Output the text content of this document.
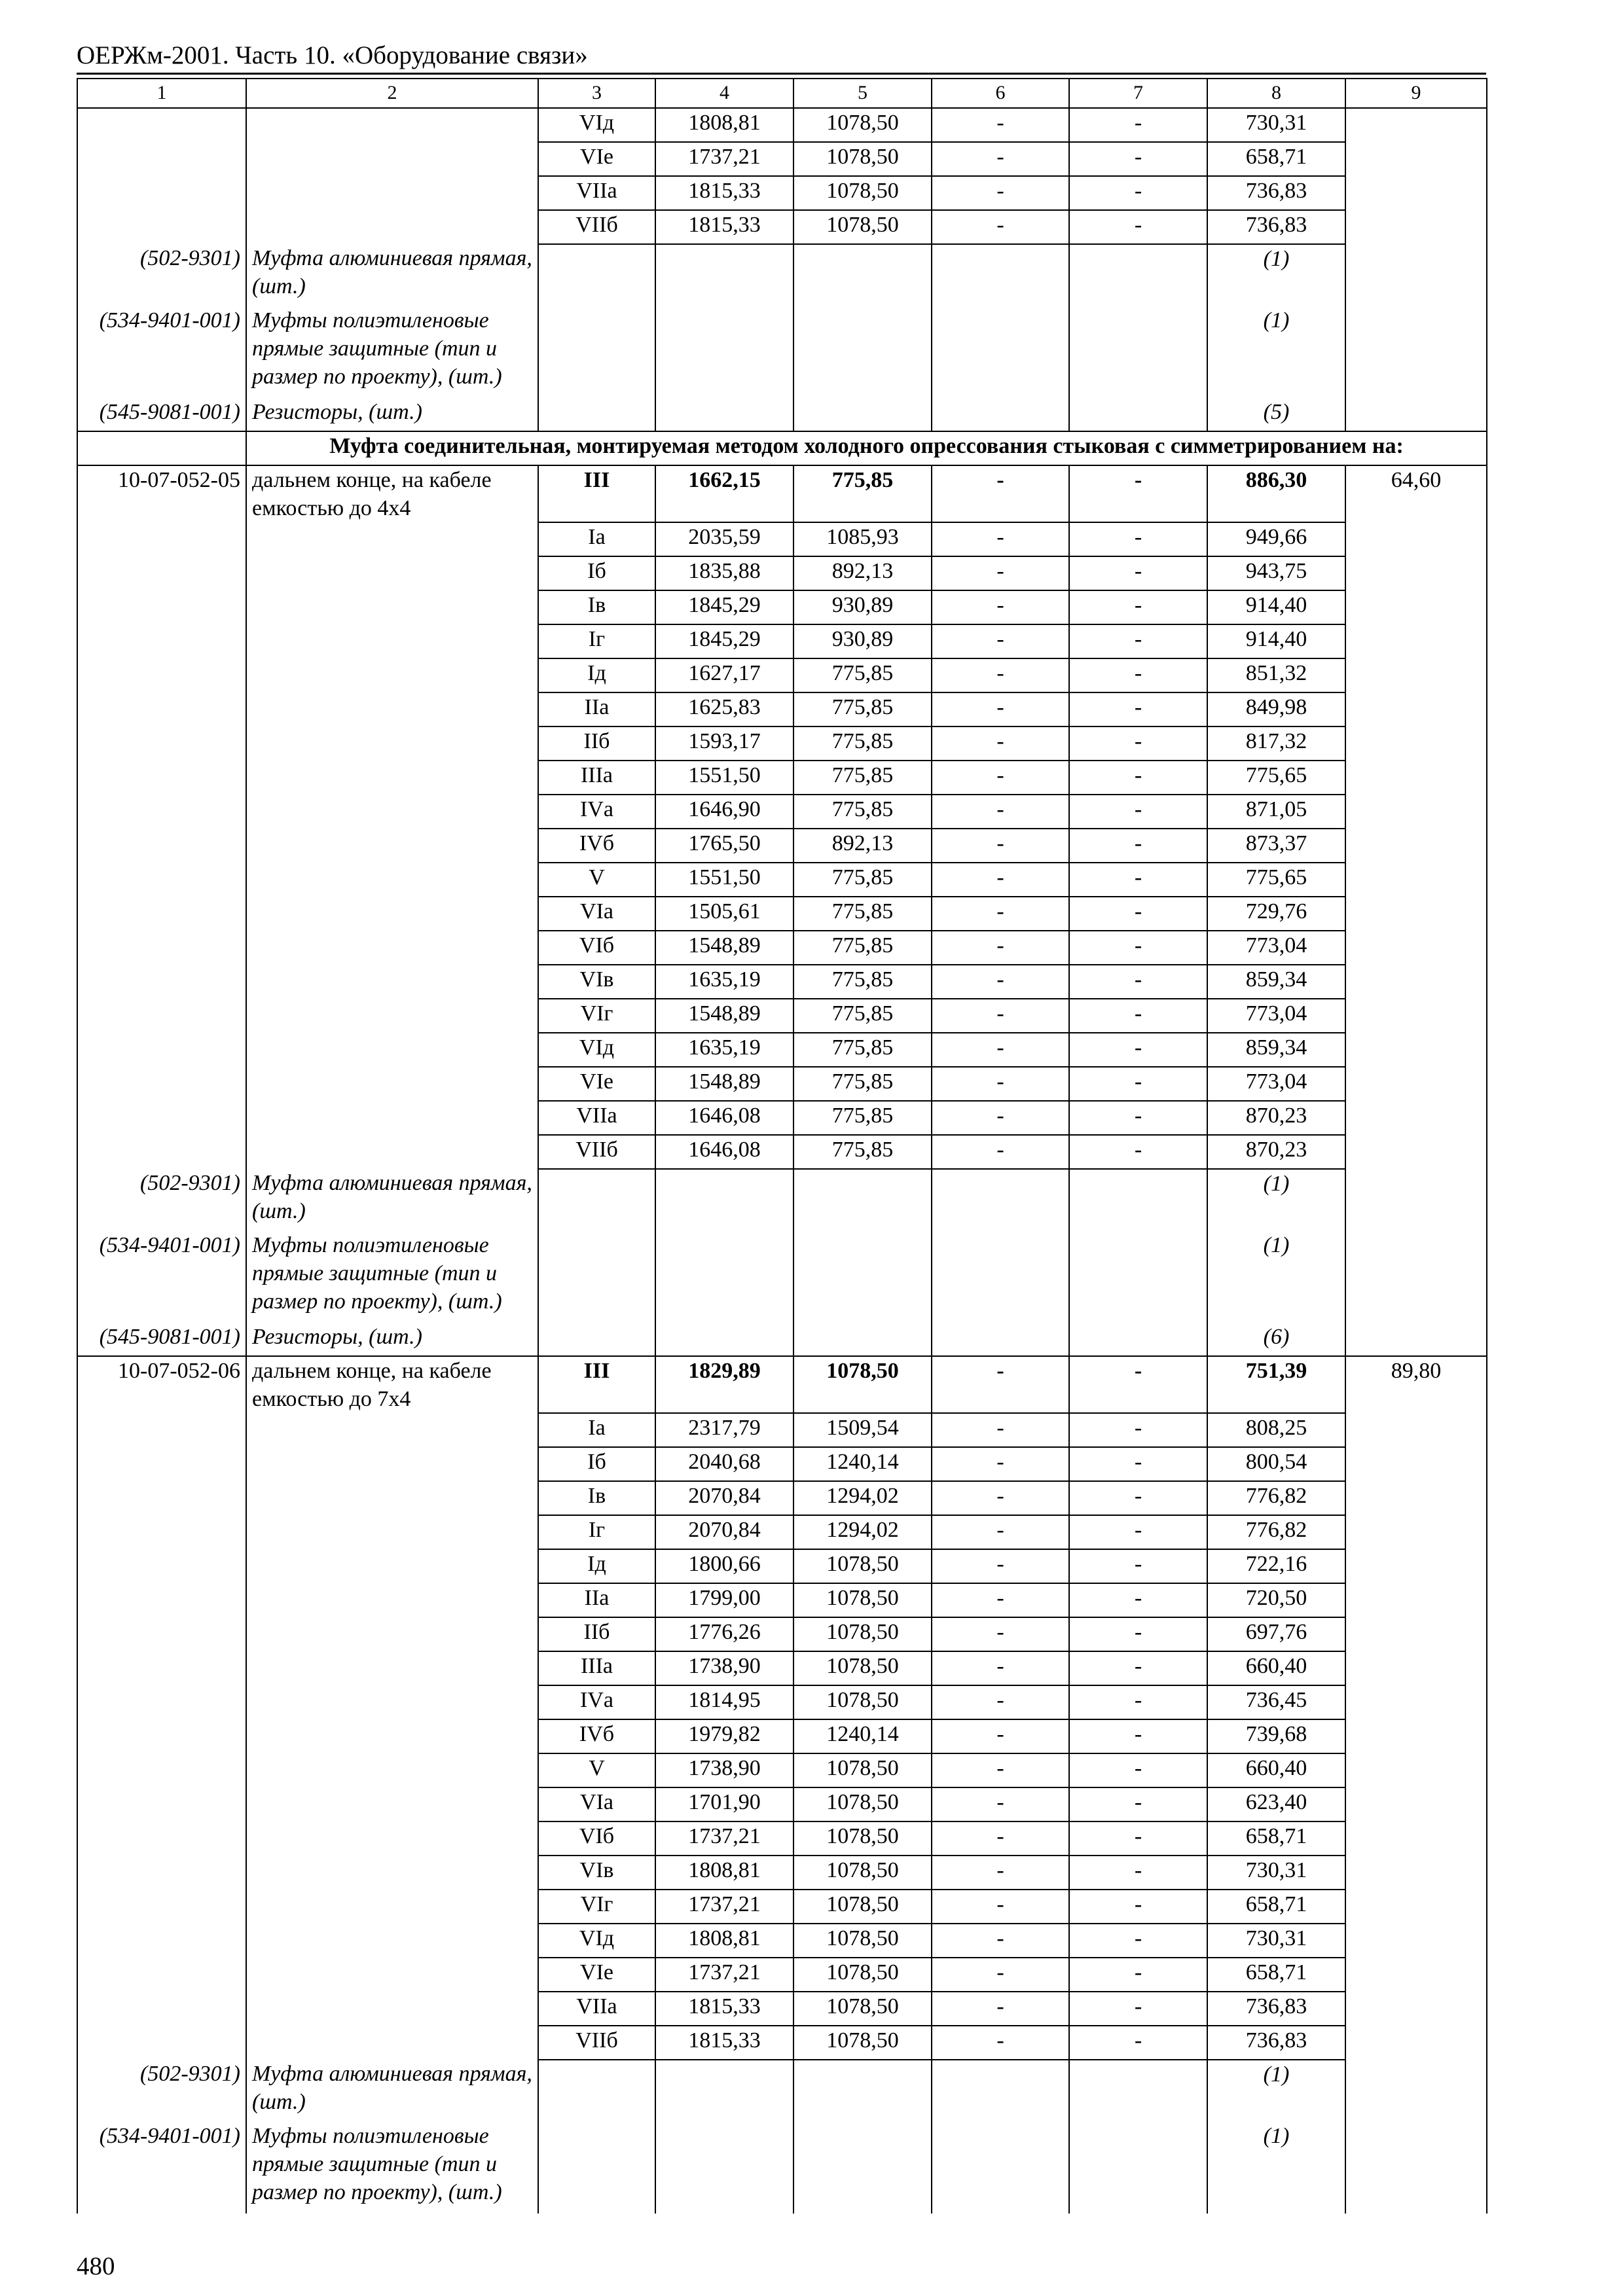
ОЕРЖм-2001. Часть 10. «Оборудование связи»
1	2	3	4	5	6	7	8	9
		VIд	1808,81	1078,50	-	-	730,31	
		VIе	1737,21	1078,50	-	-	658,71	
		VIIа	1815,33	1078,50	-	-	736,83	
		VIIб	1815,33	1078,50	-	-	736,83	
(502-9301)	Муфта алюминиевая прямая, (шт.)						(1)	
(534-9401-001)	Муфты полиэтиленовые прямые защитные (тип и размер по проекту), (шт.)						(1)	
(545-9081-001)	Резисторы, (шт.)						(5)	
	Муфта соединительная, монтируемая методом холодного опрессования стыковая с симметрированием на:							
10-07-052-05	дальнем конце, на кабеле емкостью до 4х4	III	1662,15	775,85	-	-	886,30	64,60
		Iа	2035,59	1085,93	-	-	949,66	
		Iб	1835,88	892,13	-	-	943,75	
		Iв	1845,29	930,89	-	-	914,40	
		Iг	1845,29	930,89	-	-	914,40	
		Iд	1627,17	775,85	-	-	851,32	
		IIа	1625,83	775,85	-	-	849,98	
		IIб	1593,17	775,85	-	-	817,32	
		IIIа	1551,50	775,85	-	-	775,65	
		IVа	1646,90	775,85	-	-	871,05	
		IVб	1765,50	892,13	-	-	873,37	
		V	1551,50	775,85	-	-	775,65	
		VIа	1505,61	775,85	-	-	729,76	
		VIб	1548,89	775,85	-	-	773,04	
		VIв	1635,19	775,85	-	-	859,34	
		VIг	1548,89	775,85	-	-	773,04	
		VIд	1635,19	775,85	-	-	859,34	
		VIе	1548,89	775,85	-	-	773,04	
		VIIа	1646,08	775,85	-	-	870,23	
		VIIб	1646,08	775,85	-	-	870,23	
(502-9301)	Муфта алюминиевая прямая, (шт.)						(1)	
(534-9401-001)	Муфты полиэтиленовые прямые защитные (тип и размер по проекту), (шт.)						(1)	
(545-9081-001)	Резисторы, (шт.)						(6)	
10-07-052-06	дальнем конце, на кабеле емкостью до 7х4	III	1829,89	1078,50	-	-	751,39	89,80
		Iа	2317,79	1509,54	-	-	808,25	
		Iб	2040,68	1240,14	-	-	800,54	
		Iв	2070,84	1294,02	-	-	776,82	
		Iг	2070,84	1294,02	-	-	776,82	
		Iд	1800,66	1078,50	-	-	722,16	
		IIа	1799,00	1078,50	-	-	720,50	
		IIб	1776,26	1078,50	-	-	697,76	
		IIIа	1738,90	1078,50	-	-	660,40	
		IVа	1814,95	1078,50	-	-	736,45	
		IVб	1979,82	1240,14	-	-	739,68	
		V	1738,90	1078,50	-	-	660,40	
		VIа	1701,90	1078,50	-	-	623,40	
		VIб	1737,21	1078,50	-	-	658,71	
		VIв	1808,81	1078,50	-	-	730,31	
		VIг	1737,21	1078,50	-	-	658,71	
		VIд	1808,81	1078,50	-	-	730,31	
		VIе	1737,21	1078,50	-	-	658,71	
		VIIа	1815,33	1078,50	-	-	736,83	
		VIIб	1815,33	1078,50	-	-	736,83	
(502-9301)	Муфта алюминиевая прямая, (шт.)						(1)	
(534-9401-001)	Муфты полиэтиленовые прямые защитные (тип и размер по проекту), (шт.)						(1)	
480
